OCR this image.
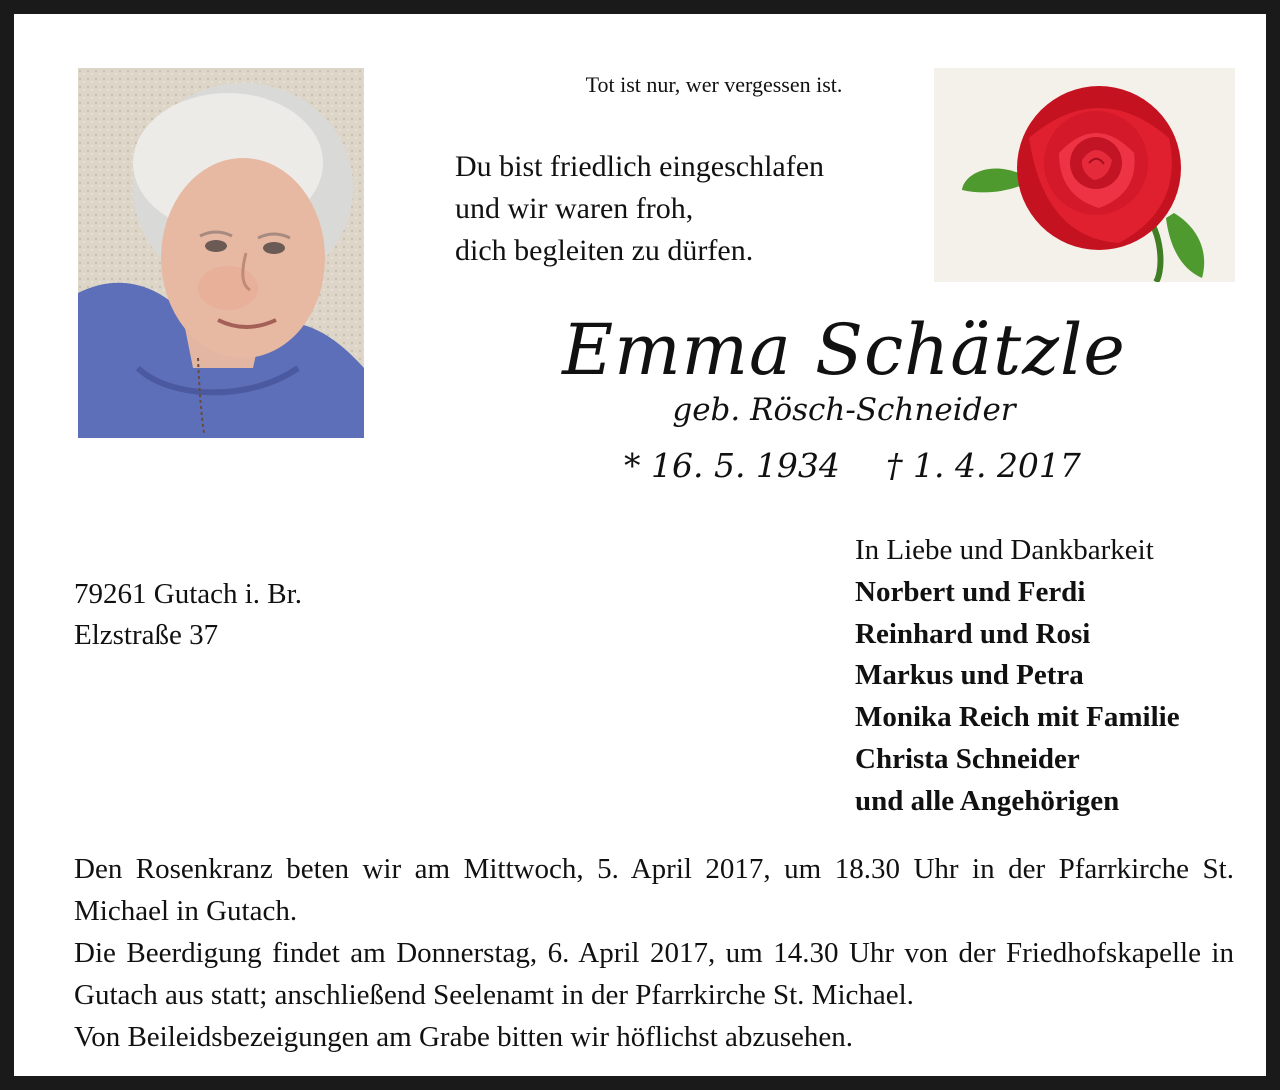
Tot ist nur, wer vergessen ist.
Du bist friedlich eingeschlafen
und wir waren froh,
dich begleiten zu dürfen.
Emma Schätzle
geb. Rösch-Schneider
* 16. 5. 1934 † 1. 4. 2017
79261 Gutach i. Br.
Elzstraße 37
In Liebe und Dankbarkeit
Norbert und Ferdi
Reinhard und Rosi
Markus und Petra
Monika Reich mit Familie
Christa Schneider
und alle Angehörigen

Den Rosenkranz beten wir am Mittwoch, 5. April 2017, um 18.30 Uhr in der Pfarrkirche St. Michael in Gutach.

Die Beerdigung findet am Donnerstag, 6. April 2017, um 14.30 Uhr von der Friedhofskapelle in Gutach aus statt; anschließend Seelenamt in der Pfarrkirche St. Michael.

Von Beileidsbezeigungen am Grabe bitten wir höflichst abzusehen.
